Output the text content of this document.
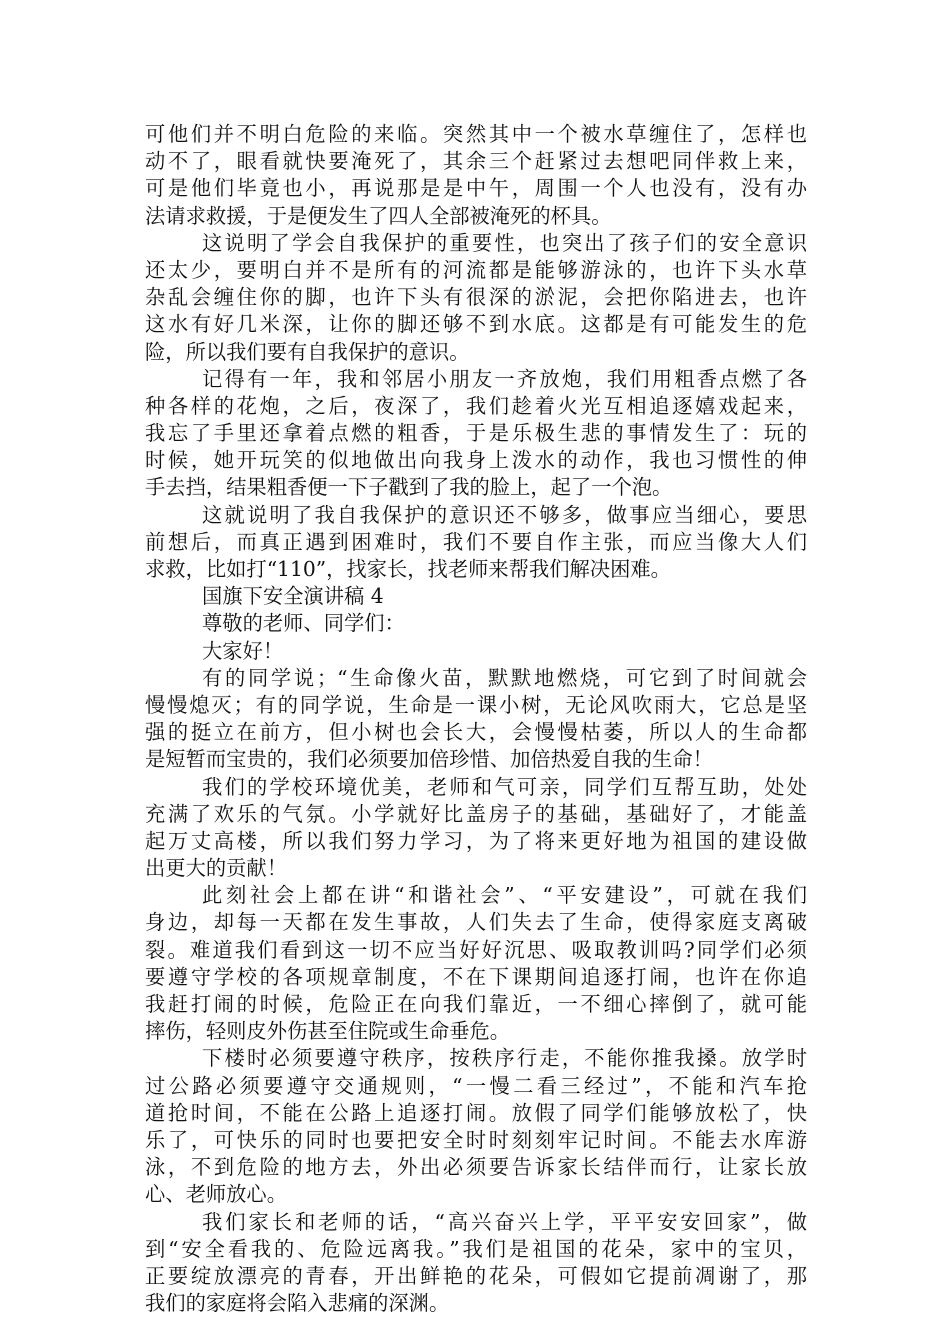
可他们并不明白危险的来临。突然其中一个被水草缠住了，怎样也
动不了，眼看就快要淹死了，其余三个赶紧过去想吧同伴救上来，
可是他们毕竟也小，再说那是是中午，周围一个人也没有，没有办
法请求救援，于是便发生了四人全部被淹死的杯具。
这说明了学会自我保护的重要性，也突出了孩子们的安全意识
还太少，要明白并不是所有的河流都是能够游泳的，也许下头水草
杂乱会缠住你的脚，也许下头有很深的淤泥，会把你陷进去，也许
这水有好几米深，让你的脚还够不到水底。这都是有可能发生的危
险，所以我们要有自我保护的意识。
记得有一年，我和邻居小朋友一齐放炮，我们用粗香点燃了各
种各样的花炮，之后，夜深了，我们趁着火光互相追逐嬉戏起来，
我忘了手里还拿着点燃的粗香，于是乐极生悲的事情发生了：玩的
时候，她开玩笑的似地做出向我身上泼水的动作，我也习惯性的伸
手去挡，结果粗香便一下子戳到了我的脸上，起了一个泡。
这就说明了我自我保护的意识还不够多，做事应当细心，要思
前想后，而真正遇到困难时，我们不要自作主张，而应当像大人们
求救，比如打“110”，找家长，找老师来帮我们解决困难。
国旗下安全演讲稿 4
尊敬的老师、同学们：
大家好！
有的同学说；“生命像火苗，默默地燃烧，可它到了时间就会
慢慢熄灭；有的同学说，生命是一课小树，无论风吹雨大，它总是坚
强的挺立在前方，但小树也会长大，会慢慢枯萎，所以人的生命都
是短暂而宝贵的，我们必须要加倍珍惜、加倍热爱自我的生命！
我们的学校环境优美，老师和气可亲，同学们互帮互助，处处
充满了欢乐的气氛。小学就好比盖房子的基础，基础好了，才能盖
起万丈高楼，所以我们努力学习，为了将来更好地为祖国的建设做
出更大的贡献！
此刻社会上都在讲“和谐社会”、“平安建设”，可就在我们
身边，却每一天都在发生事故，人们失去了生命，使得家庭支离破
裂。难道我们看到这一切不应当好好沉思、吸取教训吗?同学们必须
要遵守学校的各项规章制度，不在下课期间追逐打闹，也许在你追
我赶打闹的时候，危险正在向我们靠近，一不细心摔倒了，就可能
摔伤，轻则皮外伤甚至住院或生命垂危。
下楼时必须要遵守秩序，按秩序行走，不能你推我搡。放学时
过公路必须要遵守交通规则，“一慢二看三经过”，不能和汽车抢
道抢时间，不能在公路上追逐打闹。放假了同学们能够放松了，快
乐了，可快乐的同时也要把安全时时刻刻牢记时间。不能去水库游
泳，不到危险的地方去，外出必须要告诉家长结伴而行，让家长放
心、老师放心。
我们家长和老师的话，“高兴奋兴上学，平平安安回家”，做
到“安全看我的、危险远离我。”我们是祖国的花朵，家中的宝贝，
正要绽放漂亮的青春，开出鲜艳的花朵，可假如它提前凋谢了，那
我们的家庭将会陷入悲痛的深渊。
